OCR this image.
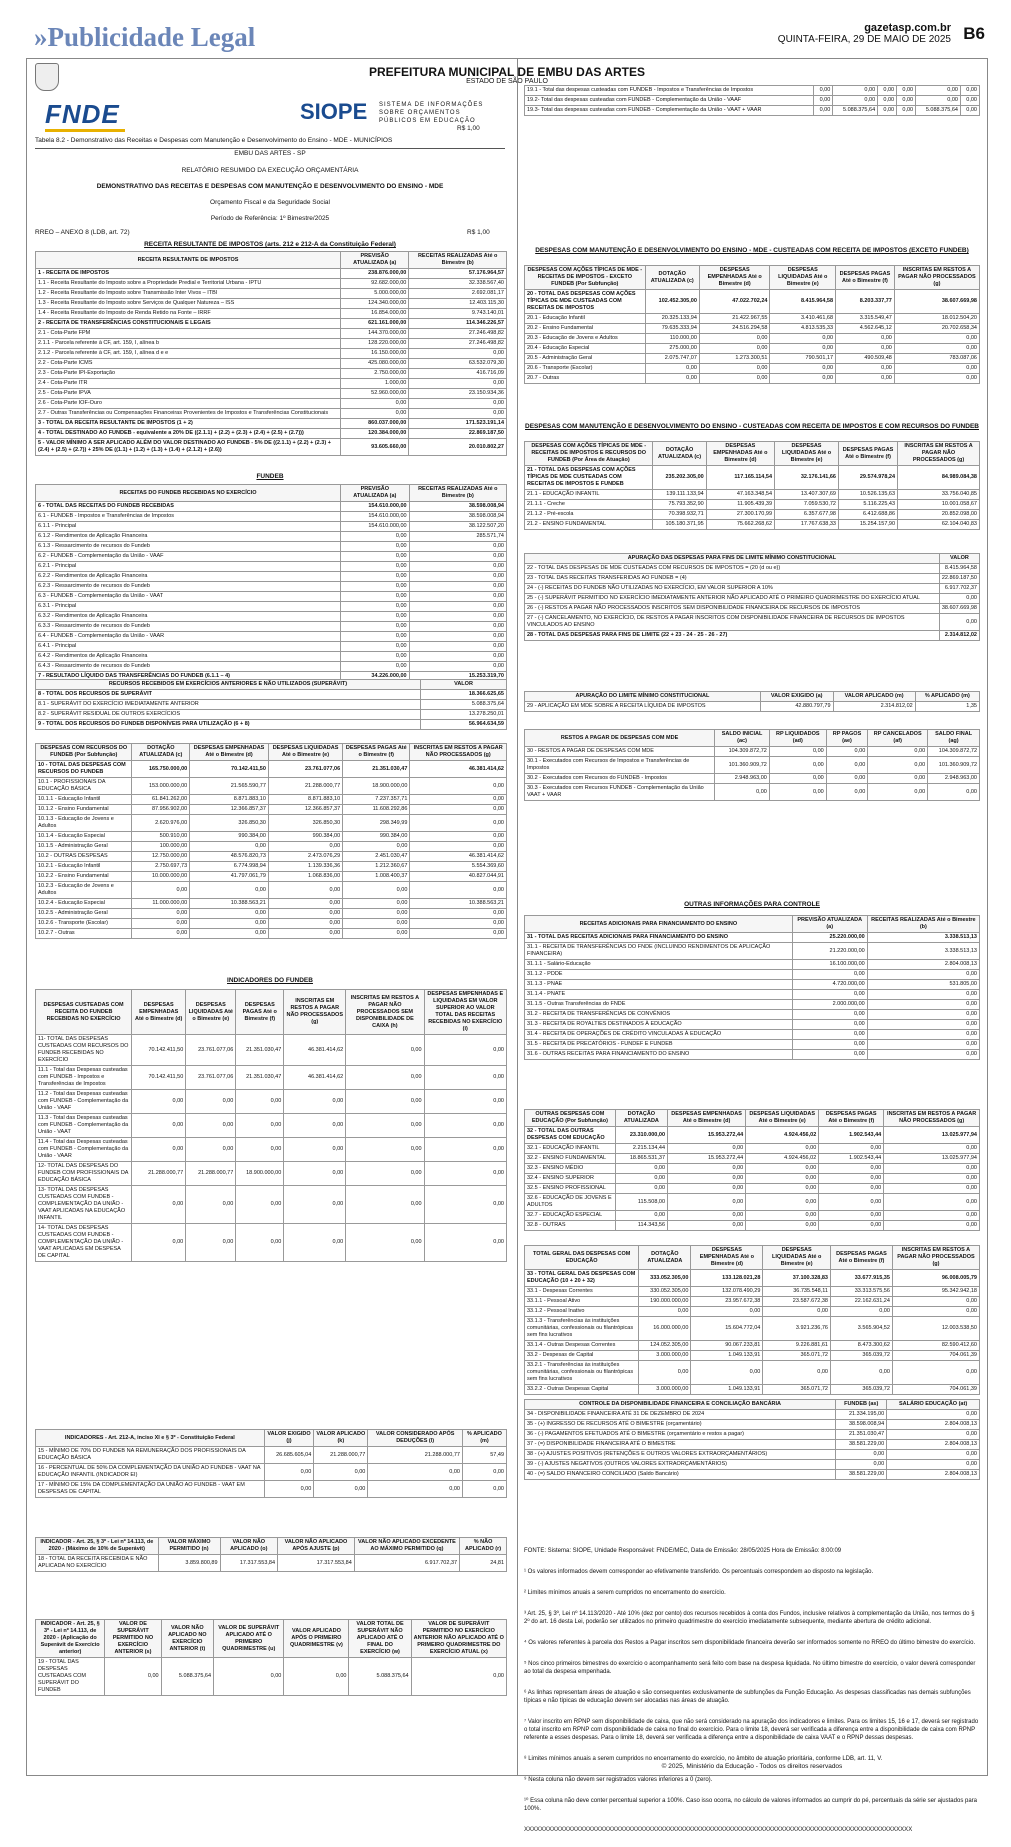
» Publicidade Legal	gazetasp.com.br
QUINTA-FEIRA, 29 DE MAIO DE 2025 B6
PREFEITURA MUNICIPAL DE EMBU DAS ARTES
ESTADO DE SÃO PAULO
FNDE	SIOPE SISTEMA DE INFORMAÇÕES SOBRE ORÇAMENTOS PÚBLICOS EM EDUCAÇÃO
R$ 1,00
Tabela 8.2 - Demonstrativo das Receitas e Despesas com Manutenção e Desenvolvimento do Ensino - MDE - MUNICÍPIOS
EMBU DAS ARTES - SP
RELATÓRIO RESUMIDO DA EXECUÇÃO ORÇAMENTÁRIA
DEMONSTRATIVO DAS RECEITAS E DESPESAS COM MANUTENÇÃO E DESENVOLVIMENTO DO ENSINO - MDE
Orçamento Fiscal e da Seguridade Social
Período de Referência: 1º Bimestre/2025
RREO – ANEXO 8 (LDB, art. 72)	R$ 1,00
RECEITA RESULTANTE DE IMPOSTOS (arts. 212 e 212-A da Constituição Federal)
RECEITA RESULTANTE DE IMPOSTOS	PREVISÃO ATUALIZADA (a)	RECEITAS REALIZADAS Até o Bimestre (b)
1 - RECEITA DE IMPOSTOS	238.876.000,00	57.176.964,57
1.1 - Receita Resultante do Imposto sobre a Propriedade Predial e Territorial Urbana - IPTU	92.682.000,00	32.338.567,40
1.2 - Receita Resultante do Imposto sobre Transmissão Inter Vivos – ITBI	5.000.000,00	2.692.081,17
1.3 - Receita Resultante do Imposto sobre Serviços de Qualquer Natureza – ISS	124.340.000,00	12.403.115,30
1.4 - Receita Resultante do Imposto de Renda Retido na Fonte – IRRF	16.854.000,00	9.743.140,01
2 - RECEITA DE TRANSFERÊNCIAS CONSTITUCIONAIS E LEGAIS	621.161.000,00	114.346.226,57
2.1 - Cota-Parte FPM	144.370.000,00	27.246.498,82
2.1.1 - Parcela referente à CF, art. 159, I, alínea b	128.220.000,00	27.246.498,82
2.1.2 - Parcela referente à CF, art. 159, I, alínea d e e	16.150.000,00	0,00
2.2 - Cota-Parte ICMS	425.080.000,00	63.532.079,30
2.3 - Cota-Parte IPI-Exportação	2.750.000,00	416.716,09
2.4 - Cota-Parte ITR	1.000,00	0,00
2.5 - Cota-Parte IPVA	52.960.000,00	23.150.934,36
2.6 - Cota-Parte IOF-Ouro	0,00	0,00
2.7 - Outras Transferências ou Compensações Financeiras Provenientes de Impostos e Transferências Constitucionais	0,00	0,00
3 - TOTAL DA RECEITA RESULTANTE DE IMPOSTOS (1 + 2)	860.037.000,00	171.523.191,14
4 - TOTAL DESTINADO AO FUNDEB - equivalente a 20% DE ((2.1.1) + (2.2) + (2.3) + (2.4) + (2.5) + (2.7)))	120.384.000,00	22.869.187,50
5 - VALOR MÍNIMO A SER APLICADO ALÉM DO VALOR DESTINADO AO FUNDEB - 5% DE ((2.1.1) + (2.2) + (2.3) + (2.4) + (2.5) + (2.7)) + 25% DE ((1.1) + (1.2) + (1.3) + (1.4) + (2.1.2) + (2.6))	93.605.660,00	20.010.802,27
FUNDEB
RECEITAS DO FUNDEB RECEBIDAS NO EXERCÍCIO	PREVISÃO ATUALIZADA (a)	RECEITAS REALIZADAS Até o Bimestre (b)
6 - TOTAL DAS RECEITAS DO FUNDEB RECEBIDAS	154.610.000,00	38.598.008,94
6.1 - FUNDEB - Impostos e Transferências de Impostos	154.610.000,00	38.598.008,94
6.1.1 - Principal	154.610.000,00	38.122.507,20
6.1.2 - Rendimentos de Aplicação Financeira	0,00	285.571,74
6.1.3 - Ressarcimento de recursos do Fundeb	0,00	0,00
6.2 - FUNDEB - Complementação da União - VAAF	0,00	0,00
6.2.1 - Principal	0,00	0,00
6.2.2 - Rendimentos de Aplicação Financeira	0,00	0,00
6.2.3 - Ressarcimento de recursos do Fundeb	0,00	0,00
6.3 - FUNDEB - Complementação da União - VAAT	0,00	0,00
6.3.1 - Principal	0,00	0,00
6.3.2 - Rendimentos de Aplicação Financeira	0,00	0,00
6.3.3 - Ressarcimento de recursos do Fundeb	0,00	0,00
6.4 - FUNDEB - Complementação da União - VAAR	0,00	0,00
6.4.1 - Principal	0,00	0,00
6.4.2 - Rendimentos de Aplicação Financeira	0,00	0,00
6.4.3 - Ressarcimento de recursos do Fundeb	0,00	0,00
7 - RESULTADO LÍQUIDO DAS TRANSFERÊNCIAS DO FUNDEB (6.1.1 – 4)	34.226.000,00	15.253.319,70
RECURSOS RECEBIDOS EM EXERCÍCIOS ANTERIORES E NÃO UTILIZADOS (SUPERÁVIT)	VALOR
8 - TOTAL DOS RECURSOS DE SUPERÁVIT	18.366.625,65
8.1 - SUPERÁVIT DO EXERCÍCIO IMEDIATAMENTE ANTERIOR	5.088.375,64
8.2 - SUPERÁVIT RESIDUAL DE OUTROS EXERCÍCIOS	13.278.250,01
9 - TOTAL DOS RECURSOS DO FUNDEB DISPONÍVEIS PARA UTILIZAÇÃO (6 + 8)	56.964.634,59
DESPESAS COM RECURSOS DO FUNDEB (Por Subfunção)	DOTAÇÃO ATUALIZADA (c)	DESPESAS EMPENHADAS Até o Bimestre (d)	DESPESAS LIQUIDADAS Até o Bimestre (e)	DESPESAS PAGAS Até o Bimestre (f)	INSCRITAS EM RESTOS A PAGAR NÃO PROCESSADOS (g)
10 - TOTAL DAS DESPESAS COM RECURSOS DO FUNDEB	165.750.000,00	70.142.411,50	23.761.077,06	21.351.030,47	46.381.414,62
10.1 - PROFISSIONAIS DA EDUCAÇÃO BÁSICA	153.000.000,00	21.565.590,77	21.288.000,77	18.900.000,00	0,00
10.1.1 - Educação Infantil	61.841.262,00	8.871.883,10	8.871.883,10	7.237.357,71	0,00
10.1.2 - Ensino Fundamental	87.956.902,00	12.366.857,37	12.366.857,37	11.608.292,86	0,00
10.1.3 - Educação de Jovens e Adultos	2.620.976,00	326.850,30	326.850,30	298.349,99	0,00
10.1.4 - Educação Especial	500.910,00	990.384,00	990.384,00	990.384,00	0,00
10.1.5 - Administração Geral	100.000,00	0,00	0,00	0,00	0,00
10.2 - OUTRAS DESPESAS	12.750.000,00	48.576.820,73	2.473.076,29	2.451.030,47	46.381.414,62
10.2.1 - Educação Infantil	2.750.697,73	6.774.998,94	1.139.336,36	1.212.360,67	5.554.369,60
10.2.2 - Ensino Fundamental	10.000.000,00	41.797.061,79	1.068.836,00	1.008.400,37	40.827.044,91
10.2.3 - Educação de Jovens e Adultos	0,00	0,00	0,00	0,00	0,00
10.2.4 - Educação Especial	11.000.000,00	10.388.563,21	0,00	0,00	10.388.563,21
10.2.5 - Administração Geral	0,00	0,00	0,00	0,00	0,00
10.2.6 - Transporte (Escolar)	0,00	0,00	0,00	0,00	0,00
10.2.7 - Outras	0,00	0,00	0,00	0,00	0,00
INDICADORES DO FUNDEB
DESPESAS CUSTEADAS COM RECEITA DO FUNDEB RECEBIDAS NO EXERCÍCIO	DESPESAS EMPENHADAS Até o Bimestre (d)	DESPESAS LIQUIDADAS Até o Bimestre (e)	DESPESAS PAGAS Até o Bimestre (f)	INSCRITAS EM RESTOS A PAGAR NÃO PROCESSADOS (g)	INSCRITAS EM RESTOS A PAGAR NÃO PROCESSADOS SEM DISPONIBILIDADE DE CAIXA (h)	DESPESAS EMPENHADAS E LIQUIDADAS EM VALOR SUPERIOR AO VALOR TOTAL DAS RECEITAS RECEBIDAS NO EXERCÍCIO (i)
11- TOTAL DAS DESPESAS CUSTEADAS COM RECURSOS DO FUNDEB RECEBIDAS NO EXERCÍCIO	70.142.411,50	23.761.077,06	21.351.030,47	46.381.414,62	0,00	0,00
11.1 - Total das Despesas custeadas com FUNDEB - Impostos e Transferências de Impostos	70.142.411,50	23.761.077,06	21.351.030,47	46.381.414,62	0,00	0,00
11.2 - Total das Despesas custeadas com FUNDEB - Complementação da União - VAAF	0,00	0,00	0,00	0,00	0,00	0,00
11.3 - Total das Despesas custeadas com FUNDEB - Complementação da União - VAAT	0,00	0,00	0,00	0,00	0,00	0,00
11.4 - Total das Despesas custeadas com FUNDEB - Complementação da União - VAAR	0,00	0,00	0,00	0,00	0,00	0,00
12- TOTAL DAS DESPESAS DO FUNDEB COM PROFISSIONAIS DA EDUCAÇÃO BÁSICA	21.288.000,77	21.288.000,77	18.900.000,00	0,00	0,00	0,00
13- TOTAL DAS DESPESAS CUSTEADAS COM FUNDEB - COMPLEMENTAÇÃO DA UNIÃO - VAAT APLICADAS NA EDUCAÇÃO INFANTIL	0,00	0,00	0,00	0,00	0,00	0,00
14- TOTAL DAS DESPESAS CUSTEADAS COM FUNDEB - COMPLEMENTAÇÃO DA UNIÃO - VAAT APLICADAS EM DESPESA DE CAPITAL	0,00	0,00	0,00	0,00	0,00	0,00
INDICADORES - Art. 212-A, inciso XI e § 3º - Constituição Federal	VALOR EXIGIDO (j)	VALOR APLICADO (k)	VALOR CONSIDERADO APÓS DEDUÇÕES (l)	% APLICADO (m)
15 - MÍNIMO DE 70% DO FUNDEB NA REMUNERAÇÃO DOS PROFISSIONAIS DA EDUCAÇÃO BÁSICA	26.685.605,04	21.288.000,77	21.288.000,77	57,49
16 - PERCENTUAL DE 50% DA COMPLEMENTAÇÃO DA UNIÃO AO FUNDEB - VAAT NA EDUCAÇÃO INFANTIL (INDICADOR EI)	0,00	0,00	0,00	0,00
17 - MÍNIMO DE 15% DA COMPLEMENTAÇÃO DA UNIÃO AO FUNDEB - VAAT EM DESPESAS DE CAPITAL	0,00	0,00	0,00	0,00
INDICADOR - Art. 25, § 3º - Lei nº 14.113, de 2020 - (Máximo de 10% de Superávit)	VALOR MÁXIMO PERMITIDO (n)	VALOR NÃO APLICADO (o)	VALOR NÃO APLICADO APÓS AJUSTE (p)	VALOR NÃO APLICADO EXCEDENTE AO MÁXIMO PERMITIDO (q)	% NÃO APLICADO (r)
18 - TOTAL DA RECEITA RECEBIDA E NÃO APLICADA NO EXERCÍCIO	3.859.800,89	17.317.553,84	17.317.553,84	6.917.702,37	24,81
INDICADOR - Art. 25, § 3º - Lei nº 14.113, de 2020 - (Aplicação do Superávit de Exercício anterior)	VALOR DE SUPERÁVIT PERMITIDO NO EXERCÍCIO ANTERIOR (s)	VALOR NÃO APLICADO NO EXERCÍCIO ANTERIOR (t)	VALOR DE SUPERÁVIT APLICADO ATÉ O PRIMEIRO QUADRIMESTRE (u)	VALOR APLICADO APÓS O PRIMEIRO QUADRIMESTRE (v)	VALOR TOTAL DE SUPERÁVIT NÃO APLICADO ATÉ O FINAL DO EXERCÍCIO (w)	VALOR DE SUPERÁVIT PERMITIDO NO EXERCÍCIO ANTERIOR NÃO APLICADO ATÉ O PRIMEIRO QUADRIMESTRE DO EXERCÍCIO ATUAL (x)
19 - TOTAL DAS DESPESAS CUSTEADAS COM SUPERÁVIT DO FUNDEB	0,00	5.088.375,64	0,00	0,00	5.088.375,64	0,00
19.1 - Total das despesas custeadas com FUNDEB - Impostos e Transferências de Impostos	0,00	0,00	0,00	0,00	0,00	0,00
19.2- Total das despesas custeadas com FUNDEB - Complementação da União - VAAF	0,00	0,00	0,00	0,00	0,00	0,00
19.3- Total das despesas custeadas com FUNDEB - Complementação da União - VAAT + VAAR	0,00	5.088.375,64	0,00	0,00	5.088.375,64	0,00
DESPESAS COM MANUTENÇÃO E DESENVOLVIMENTO DO ENSINO - MDE - CUSTEADAS COM RECEITA DE IMPOSTOS (EXCETO FUNDEB)
DESPESAS COM AÇÕES TÍPICAS DE MDE - RECEITAS DE IMPOSTOS - EXCETO FUNDEB (Por Subfunção)	DOTAÇÃO ATUALIZADA (c)	DESPESAS EMPENHADAS Até o Bimestre (d)	DESPESAS LIQUIDADAS Até o Bimestre (e)	DESPESAS PAGAS Até o Bimestre (f)	INSCRITAS EM RESTOS A PAGAR NÃO PROCESSADOS (g)
20 - TOTAL DAS DESPESAS COM AÇÕES TÍPICAS DE MDE CUSTEADAS COM RECEITAS DE IMPOSTOS	102.452.305,00	47.022.702,24	8.415.964,58	8.203.337,77	38.607.669,98
20.1 - Educação Infantil	20.325.133,94	21.422.967,55	3.410.461,68	3.315.549,47	18.012.504,20
20.2 - Ensino Fundamental	79.635.333,94	24.516.294,58	4.813.535,33	4.562.645,12	20.702.658,34
20.3 - Educação de Jovens e Adultos	110.000,00	0,00	0,00	0,00	0,00
20.4 - Educação Especial	275.000,00	0,00	0,00	0,00	0,00
20.5 - Administração Geral	2.075.747,07	1.273.300,51	790.501,17	490.509,48	783.087,06
20.6 - Transporte (Escolar)	0,00	0,00	0,00	0,00	0,00
20.7 - Outras	0,00	0,00	0,00	0,00	0,00
DESPESAS COM MANUTENÇÃO E DESENVOLVIMENTO DO ENSINO - CUSTEADAS COM RECEITA DE IMPOSTOS E COM RECURSOS DO FUNDEB
DESPESAS COM AÇÕES TÍPICAS DE MDE - RECEITAS DE IMPOSTOS E RECURSOS DO FUNDEB (Por Área de Atuação)	DOTAÇÃO ATUALIZADA (c)	DESPESAS EMPENHADAS Até o Bimestre (d)	DESPESAS LIQUIDADAS Até o Bimestre (e)	DESPESAS PAGAS Até o Bimestre (f)	INSCRITAS EM RESTOS A PAGAR NÃO PROCESSADOS (g)
21 - TOTAL DAS DESPESAS COM AÇÕES TÍPICAS DE MDE CUSTEADAS COM RECEITAS DE IMPOSTOS E FUNDEB	235.202.305,00	117.165.114,54	32.176.141,66	29.574.978,24	84.989.084,38
21.1 - EDUCAÇÃO INFANTIL	139.111.133,94	47.163.348,54	13.407.307,69	10.526.135,63	33.756.040,85
21.1.1 - Creche	75.793.352,90	11.905.439,39	7.059.530,72	5.116.225,43	10.001.058,67
21.1.2 - Pré-escola	70.398.932,71	27.300.170,99	6.357.677,98	6.412.688,86	20.852.098,00
21.2 - ENSINO FUNDAMENTAL	105.180.371,95	75.662.268,62	17.767.638,33	15.254.157,90	62.104.040,83
APURAÇÃO DAS DESPESAS PARA FINS DE LIMITE MÍNIMO CONSTITUCIONAL	VALOR
22 - TOTAL DAS DESPESAS DE MDE CUSTEADAS COM RECURSOS DE IMPOSTOS = (20 (d ou e))	8.415.964,58
23 - TOTAL DAS RECEITAS TRANSFERIDAS AO FUNDEB = (4)	22.869.187,50
24 - (-) RECEITAS DO FUNDEB NÃO UTILIZADAS NO EXERCÍCIO, EM VALOR SUPERIOR A 10%	6.917.702,37
25 - (-) SUPERÁVIT PERMITIDO NO EXERCÍCIO IMEDIATAMENTE ANTERIOR NÃO APLICADO ATÉ O PRIMEIRO QUADRIMESTRE DO EXERCÍCIO ATUAL	0,00
26 - (-) RESTOS A PAGAR NÃO PROCESSADOS INSCRITOS SEM DISPONIBILIDADE FINANCEIRA DE RECURSOS DE IMPOSTOS	38.607.669,98
27 - (-) CANCELAMENTO, NO EXERCÍCIO, DE RESTOS A PAGAR INSCRITOS COM DISPONIBILIDADE FINANCEIRA DE RECURSOS DE IMPOSTOS VINCULADOS AO ENSINO	0,00
28 - TOTAL DAS DESPESAS PARA FINS DE LIMITE (22 + 23 - 24 - 25 - 26 - 27)	2.314.812,02
APURAÇÃO DO LIMITE MÍNIMO CONSTITUCIONAL	VALOR EXIGIDO (a)	VALOR APLICADO (m)	% APLICADO (m)
29 - APLICAÇÃO EM MDE SOBRE A RECEITA LÍQUIDA DE IMPOSTOS	42.880.797,79	2.314.812,02	1,35
RESTOS A PAGAR DE DESPESAS COM MDE	SALDO INICIAL (ac)	RP LIQUIDADOS (ad)	RP PAGOS (ae)	RP CANCELADOS (af)	SALDO FINAL (ag)
30 - RESTOS A PAGAR DE DESPESAS COM MDE	104.309.872,72	0,00	0,00	0,00	104.309.872,72
30.1 - Executados com Recursos de Impostos e Transferências de Impostos	101.360.909,72	0,00	0,00	0,00	101.360.909,72
30.2 - Executados com Recursos do FUNDEB - Impostos	2.948.963,00	0,00	0,00	0,00	2.948.963,00
30.3 - Executados com Recursos FUNDEB - Complementação da União VAAT + VAAR	0,00	0,00	0,00	0,00	0,00
OUTRAS INFORMAÇÕES PARA CONTROLE
RECEITAS ADICIONAIS PARA FINANCIAMENTO DO ENSINO	PREVISÃO ATUALIZADA (a)	RECEITAS REALIZADAS Até o Bimestre (b)
31 - TOTAL DAS RECEITAS ADICIONAIS PARA FINANCIAMENTO DO ENSINO	25.220.000,00	3.338.513,13
31.1 - RECEITA DE TRANSFERÊNCIAS DO FNDE (INCLUINDO RENDIMENTOS DE APLICAÇÃO FINANCEIRA)	21.220.000,00	3.338.513,13
31.1.1 - Salário-Educação	16.100.000,00	2.804.008,13
31.1.2 - PDDE	0,00	0,00
31.1.3 - PNAE	4.720.000,00	531.805,00
31.1.4 - PNATE	0,00	0,00
31.1.5 - Outras Transferências do FNDE	2.000.000,00	0,00
31.2 - RECEITA DE TRANSFERÊNCIAS DE CONVÊNIOS	0,00	0,00
31.3 - RECEITA DE ROYALTIES DESTINADOS À EDUCAÇÃO	0,00	0,00
31.4 - RECEITA DE OPERAÇÕES DE CRÉDITO VINCULADAS À EDUCAÇÃO	0,00	0,00
31.5 - RECEITA DE PRECATÓRIOS - FUNDEF E FUNDEB	0,00	0,00
31.6 - OUTRAS RECEITAS PARA FINANCIAMENTO DO ENSINO	0,00	0,00
OUTRAS DESPESAS COM EDUCAÇÃO (Por Subfunção)	DOTAÇÃO ATUALIZADA	DESPESAS EMPENHADAS Até o Bimestre (d)	DESPESAS LIQUIDADAS Até o Bimestre (e)	DESPESAS PAGAS Até o Bimestre (f)	INSCRITAS EM RESTOS A PAGAR NÃO PROCESSADOS (g)
32 - TOTAL DAS OUTRAS DESPESAS COM EDUCAÇÃO	23.310.000,00	15.953.272,44	4.924.456,02	1.902.543,44	13.025.977,94
32.1 - EDUCAÇÃO INFANTIL	2.215.134,44	0,00	0,00	0,00	0,00
32.2 - ENSINO FUNDAMENTAL	18.865.531,37	15.953.272,44	4.924.456,02	1.902.543,44	13.025.977,94
32.3 - ENSINO MÉDIO	0,00	0,00	0,00	0,00	0,00
32.4 - ENSINO SUPERIOR	0,00	0,00	0,00	0,00	0,00
32.5 - ENSINO PROFISSIONAL	0,00	0,00	0,00	0,00	0,00
32.6 - EDUCAÇÃO DE JOVENS E ADULTOS	115.508,00	0,00	0,00	0,00	0,00
32.7 - EDUCAÇÃO ESPECIAL	0,00	0,00	0,00	0,00	0,00
32.8 - OUTRAS	114.343,56	0,00	0,00	0,00	0,00
TOTAL GERAL DAS DESPESAS COM EDUCAÇÃO	DOTAÇÃO ATUALIZADA	DESPESAS EMPENHADAS Até o Bimestre (d)	DESPESAS LIQUIDADAS Até o Bimestre (e)	DESPESAS PAGAS Até o Bimestre (f)	INSCRITAS EM RESTOS A PAGAR NÃO PROCESSADOS (g)
33 - TOTAL GERAL DAS DESPESAS COM EDUCAÇÃO (10 + 20 + 32)	333.052.305,00	133.128.021,28	37.100.328,83	33.677.915,35	96.008.005,79
33.1 - Despesas Correntes	330.052.305,00	132.078.490,29	36.735.548,11	33.313.575,56	95.342.942,18
33.1.1 - Pessoal Ativo	190.000.000,00	23.957.672,38	23.587.672,38	22.162.631,24	0,00
33.1.2 - Pessoal Inativo	0,00	0,00	0,00	0,00	0,00
33.1.3 - Transferências às instituições comunitárias, confessionais ou filantrópicas sem fins lucrativos	16.000.000,00	15.604.772,04	3.921.236,76	3.565.904,52	12.003.538,50
33.1.4 - Outras Despesas Correntes	124.052.305,00	90.067.233,81	9.226.881,61	8.473.300,62	82.590.412,60
33.2 - Despesas de Capital	3.000.000,00	1.049.133,91	365.071,72	365.039,72	704.061,39
33.2.1 - Transferências às instituições comunitárias, confessionais ou filantrópicas sem fins lucrativos	0,00	0,00	0,00	0,00	0,00
33.2.2 - Outras Despesas Capital	3.000.000,00	1.049.133,91	365.071,72	365.039,72	704.061,39
CONTROLE DA DISPONIBILIDADE FINANCEIRA E CONCILIAÇÃO BANCÁRIA	FUNDEB (as)	SALÁRIO EDUCAÇÃO (at)
34 - DISPONIBILIDADE FINANCEIRA ATÉ 31 DE DEZEMBRO DE 2024	21.334.195,00	0,00
35 - (+) INGRESSO DE RECURSOS ATÉ O BIMESTRE (orçamentário)	38.598.008,94	2.804.008,13
36 - (-) PAGAMENTOS EFETUADOS ATÉ O BIMESTRE (orçamentário e restos a pagar)	21.351.030,47	0,00
37 - (=) DISPONIBILIDADE FINANCEIRA ATÉ O BIMESTRE	38.581.229,00	2.804.008,13
38 - (+) AJUSTES POSITIVOS (RETENÇÕES E OUTROS VALORES EXTRAORÇAMENTÁRIOS)	0,00	0,00
39 - (-) AJUSTES NEGATIVOS (OUTROS VALORES EXTRAORÇAMENTÁRIOS)	0,00	0,00
40 - (=) SALDO FINANCEIRO CONCILIADO (Saldo Bancário)	38.581.229,00	2.804.008,13

FONTE: Sistema: SIOPE, Unidade Responsável: FNDE/MEC, Data de Emissão: 28/05/2025 Hora de Emissão: 8:00:09

¹ Os valores informados devem corresponder ao efetivamente transferido. Os percentuais correspondem ao disposto na legislação.

² Limites mínimos anuais a serem cumpridos no encerramento do exercício.

³ Art. 25, § 3º, Lei nº 14.113/2020 - Até 10% (dez por cento) dos recursos recebidos à conta dos Fundos, inclusive relativos à complementação da União, nos termos do § 2º do art. 16 desta Lei, poderão ser utilizados no primeiro quadrimestre do exercício imediatamente subsequente, mediante abertura de crédito adicional.

⁴ Os valores referentes à parcela dos Restos a Pagar inscritos sem disponibilidade financeira deverão ser informados somente no RREO do último bimestre do exercício.

⁵ Nos cinco primeiros bimestres do exercício o acompanhamento será feito com base na despesa liquidada. No último bimestre do exercício, o valor deverá corresponder ao total da despesa empenhada.

⁶ As linhas representam áreas de atuação e são consequentes exclusivamente de subfunções da Função Educação. As despesas classificadas nas demais subfunções típicas e não típicas de educação devem ser alocadas nas áreas de atuação.

⁷ Valor inscrito em RPNP sem disponibilidade de caixa, que não será considerado na apuração dos indicadores e limites. Para os limites 15, 16 e 17, deverá ser registrado o total inscrito em RPNP com disponibilidade de caixa no final do exercício. Para o limite 18, deverá ser verificada a diferença entre a disponibilidade de caixa com RPNP referente a esses despesas. Para o limite 18, deverá ser verificada a diferença entre a disponibilidade de caixa VAAT e o RPNP dessas despesas.

⁸ Limites mínimos anuais a serem cumpridos no encerramento do exercício, no âmbito de atuação prioritária, conforme LDB, art. 11, V.

⁹ Nesta coluna não devem ser registrados valores inferiores a 0 (zero).

¹⁰ Essa coluna não deve conter percentual superior a 100%. Caso isso ocorra, no cálculo de valores informados ao cumprir do pé, percentuais da série ser ajustados para 100%.

XXXXXXXXXXXXXXXXXXXXXXXXXXXXXXXXXXXXXXXXXXXXXXXXXXXXXXXXXXXXXXXXXXXXXXXXXXXXXXXXXXXXXXXXXXXXXXXXX

© 2025, Ministério da Educação - Todos os direitos reservados
